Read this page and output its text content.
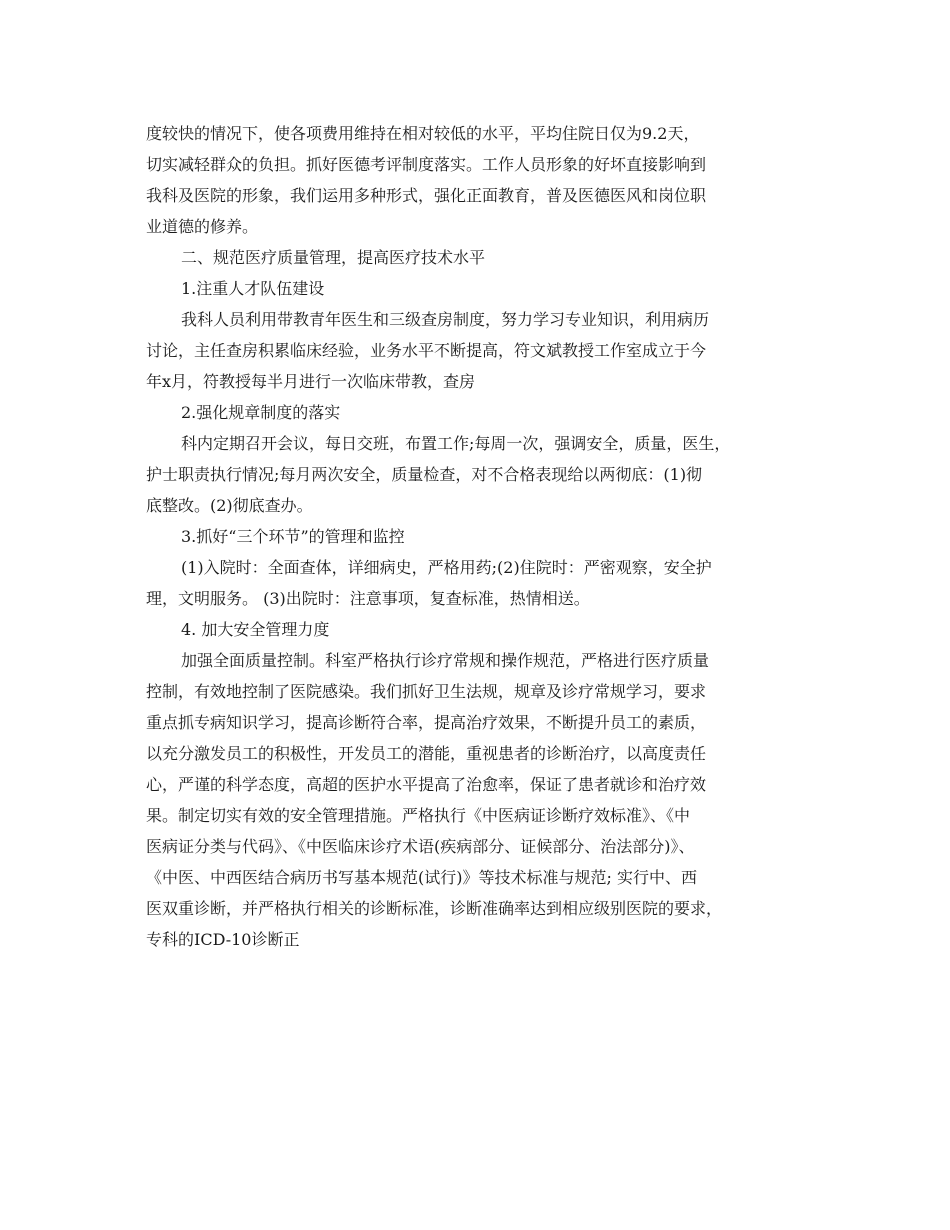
度较快的情况下，使各项费用维持在相对较低的水平，平均住院日仅为9.2天，
切实减轻群众的负担。抓好医德考评制度落实。工作人员形象的好坏直接影响到
我科及医院的形象，我们运用多种形式，强化正面教育，普及医德医风和岗位职
业道德的修养。
二、规范医疗质量管理，提高医疗技术水平
1.注重人才队伍建设
我科人员利用带教青年医生和三级查房制度，努力学习专业知识，利用病历
讨论，主任查房积累临床经验，业务水平不断提高，符文斌教授工作室成立于今
年x月，符教授每半月进行一次临床带教，查房
2.强化规章制度的落实
科内定期召开会议，每日交班，布置工作;每周一次，强调安全，质量，医生，
护士职责执行情况;每月两次安全，质量检查，对不合格表现给以两彻底：(1)彻
底整改。(2)彻底查办。
3.抓好“三个环节”的管理和监控
(1)入院时：全面查体，详细病史，严格用药;(2)住院时：严密观察，安全护
理，文明服务。 (3)出院时：注意事项，复查标准，热情相送。
4. 加大安全管理力度
加强全面质量控制。科室严格执行诊疗常规和操作规范，严格进行医疗质量
控制，有效地控制了医院感染。我们抓好卫生法规，规章及诊疗常规学习，要求
重点抓专病知识学习，提高诊断符合率，提高治疗效果，不断提升员工的素质，
以充分激发员工的积极性，开发员工的潜能，重视患者的诊断治疗，以高度责任
心，严谨的科学态度，高超的医护水平提高了治愈率，保证了患者就诊和治疗效
果。制定切实有效的安全管理措施。严格执行《中医病证诊断疗效标准》、《中
医病证分类与代码》、《中医临床诊疗术语(疾病部分、证候部分、治法部分)》、
《中医、中西医结合病历书写基本规范(试行)》等技术标准与规范; 实行中、西
医双重诊断，并严格执行相关的诊断标准，诊断准确率达到相应级别医院的要求，
专科的ICD-10诊断正
